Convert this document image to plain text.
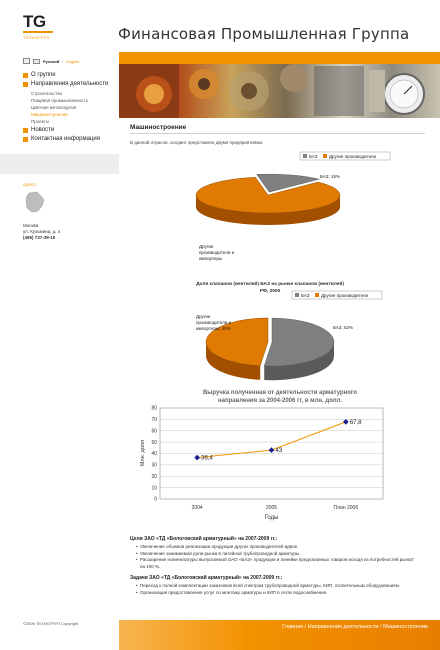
TG
ТЕХНОГРУП	Финансовая Промышленная Группа
Русский / English
О группе
Направления деятельности
Строительство
Пищевая промышленность
Цветная металлургия
Машиностроение
Проекты
Новости
Контактная информация
АДРЕС
Москва
ул. Кузьмина, д. 4
(495) 737-39-10
Машиностроение
В данной отрасли, холдинг представлен двумя предприятиями.
БАЗ	Другие производители
БАЗ; 15%
Другие
производители и
импортеры
Доля клапанов (вентилей) БАЗ на рынке клапанов (вентилей)
РФ, 2005
БАЗ	Другие производители
БАЗ; 52%
Другие
производители и
импортеры; 48%
Выручка полученная от деятельности арматурного
направления за 2004-2006 гг, в млн. долл.
0
10
20
30
40
50
60
70
80
Млн. долл
2004	2005	План 2006
Годы
36,4
43
67,8
Цели ЗАО «ТД «Бологовский арматурный» на 2007-2009 гг.:
• Увеличение объемов реализации продукции других производителей вдвое.
• Увеличение занимаемой доли рынка в литейной трубопроводной арматуры.
• Расширение номенклатуры выпускаемой ОАО «БАЗ» продукции и линейки предлагаемых товаров исходя из потребностей рынка" на 100 %.
Задачи ЗАО «ТД «Бологовский арматурный» на 2007-2009 гг.:
• Переход к полной комплектации заказчиков всей спектром трубопроводной арматуры, КИП, отопительным оборудованием.
• Организация предоставления услуг по монтажу арматуры и КИП в сетях водоснабжения.
©2006 ТЕХНОГРУП Copyright
Главная / Направления деятельности / Машиностроение
